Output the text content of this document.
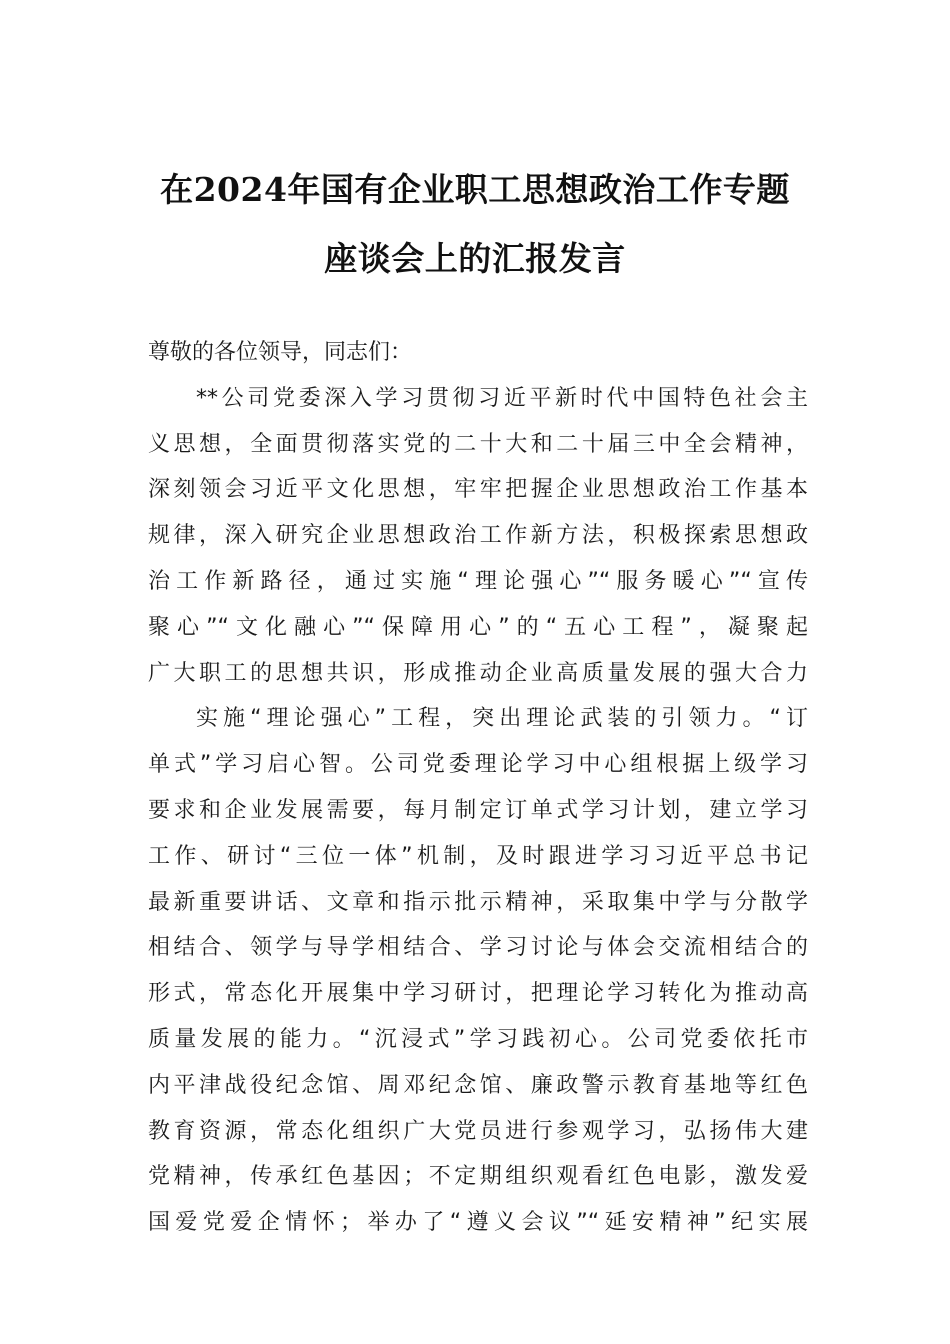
在2024年国有企业职工思想政治工作专题
座谈会上的汇报发言
尊敬的各位领导，同志们：
**公司党委深入学习贯彻习近平新时代中国特色社会主
义思想，全面贯彻落实党的二十大和二十届三中全会精神，
深刻领会习近平文化思想，牢牢把握企业思想政治工作基本
规律，深入研究企业思想政治工作新方法，积极探索思想政
治工作新路径，通过实施“理论强心”“服务暖心”“宣传
聚心”“文化融心”“保障用心”的“五心工程”，凝聚起
广大职工的思想共识，形成推动企业高质量发展的强大合力
实施“理论强心”工程，突出理论武装的引领力。“订
单式”学习启心智。公司党委理论学习中心组根据上级学习
要求和企业发展需要，每月制定订单式学习计划，建立学习
工作、研讨“三位一体”机制，及时跟进学习习近平总书记
最新重要讲话、文章和指示批示精神，采取集中学与分散学
相结合、领学与导学相结合、学习讨论与体会交流相结合的
形式，常态化开展集中学习研讨，把理论学习转化为推动高
质量发展的能力。“沉浸式”学习践初心。公司党委依托市
内平津战役纪念馆、周邓纪念馆、廉政警示教育基地等红色
教育资源，常态化组织广大党员进行参观学习，弘扬伟大建
党精神，传承红色基因；不定期组织观看红色电影，激发爱
国爱党爱企情怀；举办了“遵义会议”“延安精神”纪实展
